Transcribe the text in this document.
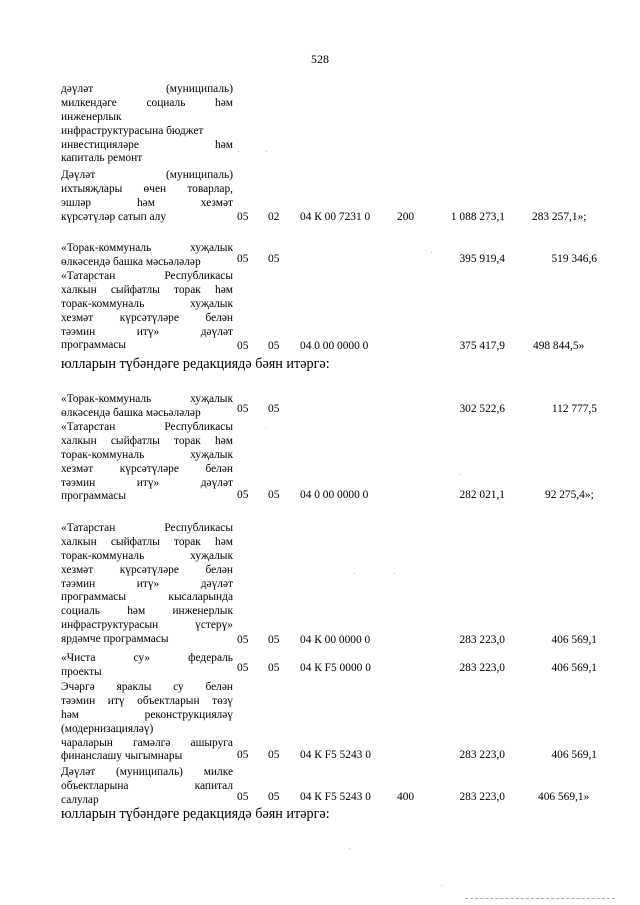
528
дәүләт (муниципаль)
милкендәге социаль һәм
инженерлык
инфраструктурасына бюджет
инвестицияләре һәм
капиталь ремонт
Дәүләт (муниципаль)
ихтыяҗлары өчен товарлар,
эшләр һәм хезмәт
күрсәтүләр сатып алу	05 02 04 К 00 7231 0 200	1 088 273,1 283 257,1»;
«Торак-коммуналь хуҗалык
өлкәсендә башка мәсьәләләр	05 05	395 919,4	519 346,6
«Татарстан Республикасы
халкын сыйфатлы торак һәм
торак-коммуналь хуҗалык
хезмәт күрсәтүләре белән
тәэмин итү» дәүләт
программасы	05 05 04 0 00 0000 0	375 417,9 498 844,5»
юлларын түбәндәге редакциядә бәян итәргә:
«Торак-коммуналь хуҗалык
өлкәсендә башка мәсьәләләр	05 05	302 522,6	112 777,5
«Татарстан Республикасы
халкын сыйфатлы торак һәм
торак-коммуналь хуҗалык
хезмәт күрсәтүләре белән
тәэмин итү» дәүләт
программасы	05 05 04 0 00 0000 0	282 021,1	92 275,4»;
«Татарстан Республикасы
халкын сыйфатлы торак һәм
торак-коммуналь хуҗалык
хезмәт күрсәтүләре белән
тәэмин итү» дәүләт
программасы кысаларында
социаль һәм инженерлык
инфраструктурасын үстерү»
ярдәмче программасы	05 05 04 К 00 0000 0	283 223,0	406 569,1
«Чиста су» федераль
проекты	05 05 04 К F5 0000 0	283 223,0	406 569,1
Эчәргә яраклы су белән
тәэмин итү объектларын төзү
һәм реконструкцияләү
(модернизацияләү)
чараларын гамәлгә ашыруга
финанслашу чыгымнары	05 05 04 К F5 5243 0	283 223,0	406 569,1
Дәүләт (муниципаль) милке
объектларына капитал
салулар	05 05 04 К F5 5243 0 400	283 223,0	406 569,1»
юлларын түбәндәге редакциядә бәян итәргә:
